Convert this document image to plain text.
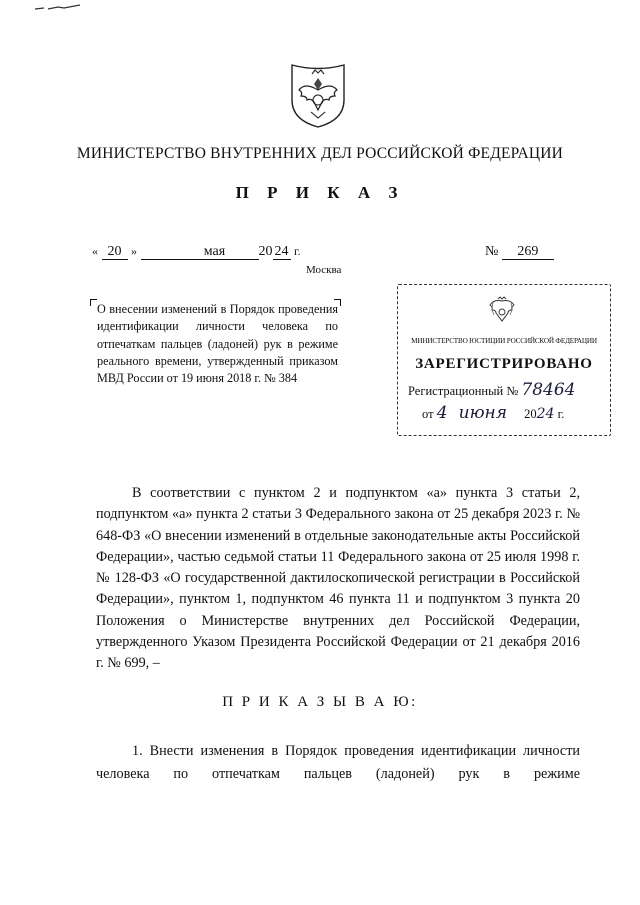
МИНИСТЕРСТВО ВНУТРЕННИХ ДЕЛ РОССИЙСКОЙ ФЕДЕРАЦИИ
П Р И К А З
« 20 »	мая 20 24 г.
Москва
№ 269
О внесении изменений в Порядок проведения идентификации личности человека по отпечаткам пальцев (ладоней) рук в режиме реального времени, утвержденный приказом МВД России от 19 июня 2018 г. № 384
МИНИСТЕРСТВО ЮСТИЦИИ РОССИЙСКОЙ ФЕДЕРАЦИИ
ЗАРЕГИСТРИРОВАНО
Регистрационный № 78464
от 4 июня 2024 г.
В соответствии с пунктом 2 и подпунктом «а» пункта 3 статьи 2, подпунктом «а» пункта 2 статьи 3 Федерального закона от 25 декабря 2023 г. № 648-ФЗ «О внесении изменений в отдельные законодательные акты Российской Федерации», частью седьмой статьи 11 Федерального закона от 25 июля 1998 г. № 128-ФЗ «О государственной дактилоскопической регистрации в Российской Федерации», пунктом 1, подпунктом 46 пункта 11 и подпунктом 3 пункта 20 Положения о Министерстве внутренних дел Российской Федерации, утвержденного Указом Президента Российской Федерации от 21 декабря 2016 г. № 699, –
П Р И К А З Ы В А Ю:
1. Внести изменения в Порядок проведения идентификации личности человека по отпечаткам пальцев (ладоней) рук в режиме
